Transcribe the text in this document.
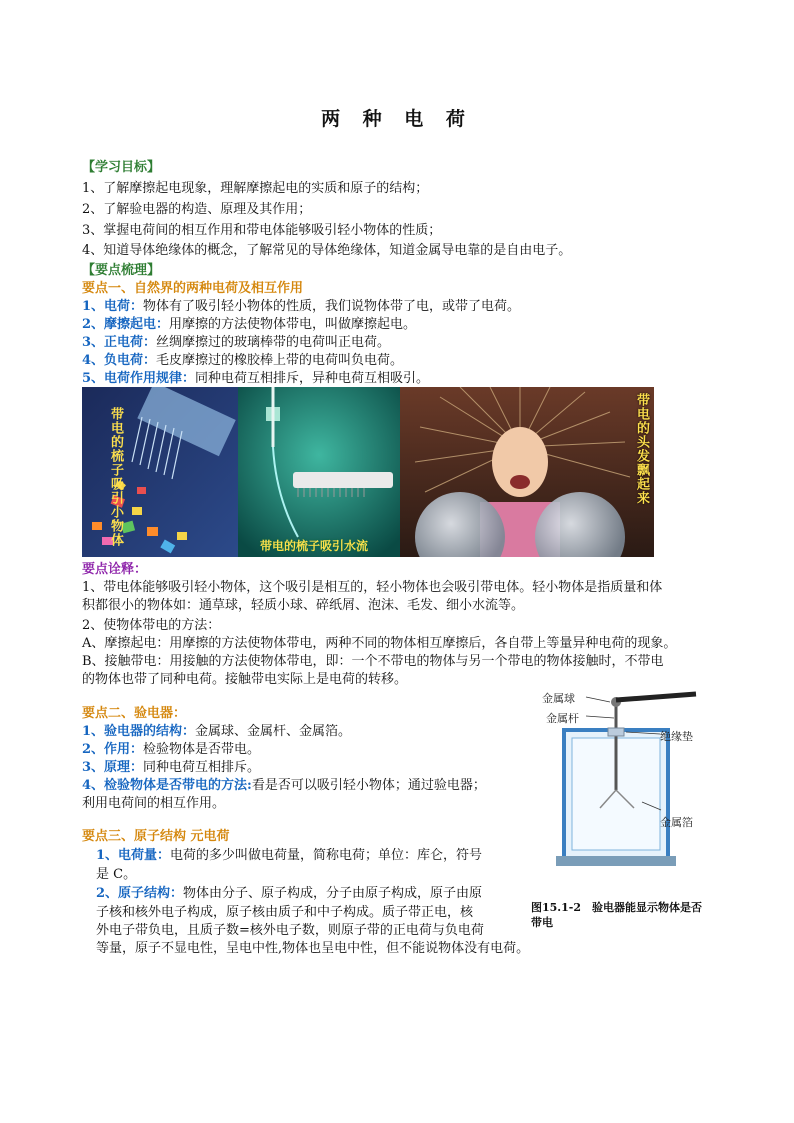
两 种 电 荷
【学习目标】
1、了解摩擦起电现象，理解摩擦起电的实质和原子的结构；
2、了解验电器的构造、原理及其作用；
3、掌握电荷间的相互作用和带电体能够吸引轻小物体的性质；
4、知道导体绝缘体的概念，了解常见的导体绝缘体，知道金属导电靠的是自由电子。
【要点梳理】
要点一、自然界的两种电荷及相互作用
1、电荷：物体有了吸引轻小物体的性质，我们说物体带了电，或带了电荷。
2、摩擦起电：用摩擦的方法使物体带电，叫做摩擦起电。
3、正电荷：丝绸摩擦过的玻璃棒带的电荷叫正电荷。
4、负电荷：毛皮摩擦过的橡胶棒上带的电荷叫负电荷。
5、电荷作用规律：同种电荷互相排斥，异种电荷互相吸引。
带电的梳子吸引小物体	带电的梳子吸引水流
带电的头发飘起来
要点诠释：
1、带电体能够吸引轻小物体，这个吸引是相互的，轻小物体也会吸引带电体。轻小物体是指质量和体
积都很小的物体如：通草球，轻质小球、碎纸屑、泡沫、毛发、细小水流等。
2、使物体带电的方法：
A、摩擦起电：用摩擦的方法使物体带电，两种不同的物体相互摩擦后，各自带上等量异种电荷的现象。
B、接触带电：用接触的方法使物体带电，即：一个不带电的物体与另一个带电的物体接触时，不带电
的物体也带了同种电荷。接触带电实际上是电荷的转移。
要点二、验电器：
1、验电器的结构：金属球、金属杆、金属箔。
2、作用：检验物体是否带电。
3、原理：同种电荷互相排斥。
4、检验物体是否带电的方法:看是否可以吸引轻小物体；通过验电器；
利用电荷间的相互作用。
金属球
金属杆
绝缘垫
金属箔
图15.1-2　验电器能显示物体是否带电
要点三、原子结构 元电荷
1、电荷量：电荷的多少叫做电荷量，简称电荷；单位：库仑，符号
是 C。
2、原子结构：物体由分子、原子构成，分子由原子构成，原子由原
子核和核外电子构成，原子核由质子和中子构成。质子带正电，核
外电子带负电，且质子数=核外电子数，则原子带的正电荷与负电荷
等量，原子不显电性，呈电中性,物体也呈电中性，但不能说物体没有电荷。
